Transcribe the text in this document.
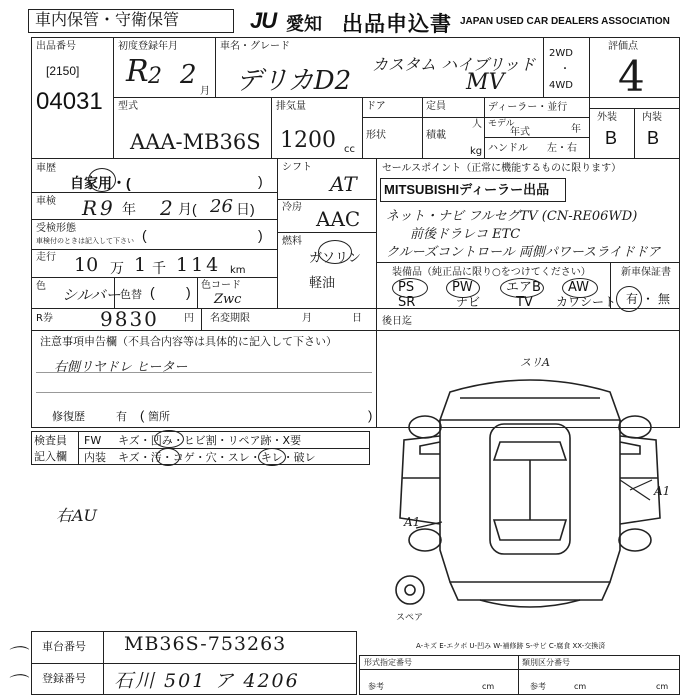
車内保管・守衛保管	JU 愛知 出品申込書 JAPAN USED CAR DEALERS ASSOCIATION
出品番号
[2150]
04031
初度登録年月
R 2 2
月
車名・グレード
デリカD2
カスタム ハイブリッド
MV
2WD
・
4WD
評価点
4
外装	内装
B B
型式
AAA-MB36S
排気量
1200 cc
ドア
形状
定員
人
積載
kg
ディーラー・並行
モデル
年式	年
ハンドル 左・右
車歴
自家用・(	)
車検 R 9 年 2 月( 26 日)
受検形態
車検付のときは記入して下さい (	)
走行 10 万 1 千 114 km
色 シルバー 色替 ( ) 色コード
Zwc
シフト
AT
冷房 AAC
燃料
ガソリン
軽油
R券 9830	円 名変期限	月	日
セールスポイント（正常に機能するものに限ります）
MITSUBISHIディーラー出品
ネット・ナビ フルセグTV (CN-RE06WD)
前後ドラレコ ETC
クルーズコントロール 両側パワースライドドア
装備品（純正品に限り○をつけてください）
PS	PW	エアB AW
SR	ナビ	TV カワシート
新車保証書
有 ・ 無
後日迄
注意事項申告欄（不具合内容等は具体的に記入して下さい）
右側リヤドレ ヒーター
修復歴	有 箇所
(	)
検査員
記入欄
FW キズ・凹み・ヒビ割・リペア跡・X要
内装 キズ・汚・コゲ・穴・スレ・キレ・破レ
右AU
スペア
スリA
A1
A1
A-キズ E-エクボ U-凹み W-補修跡 S-サビ C-腐食 XX-交換済
車台番号 MB36S-753263
登録番号 石川 501 ア 4206
⌒
⌒
形式指定番号	類別区分番号
参考	参考
cm	cm	cm
